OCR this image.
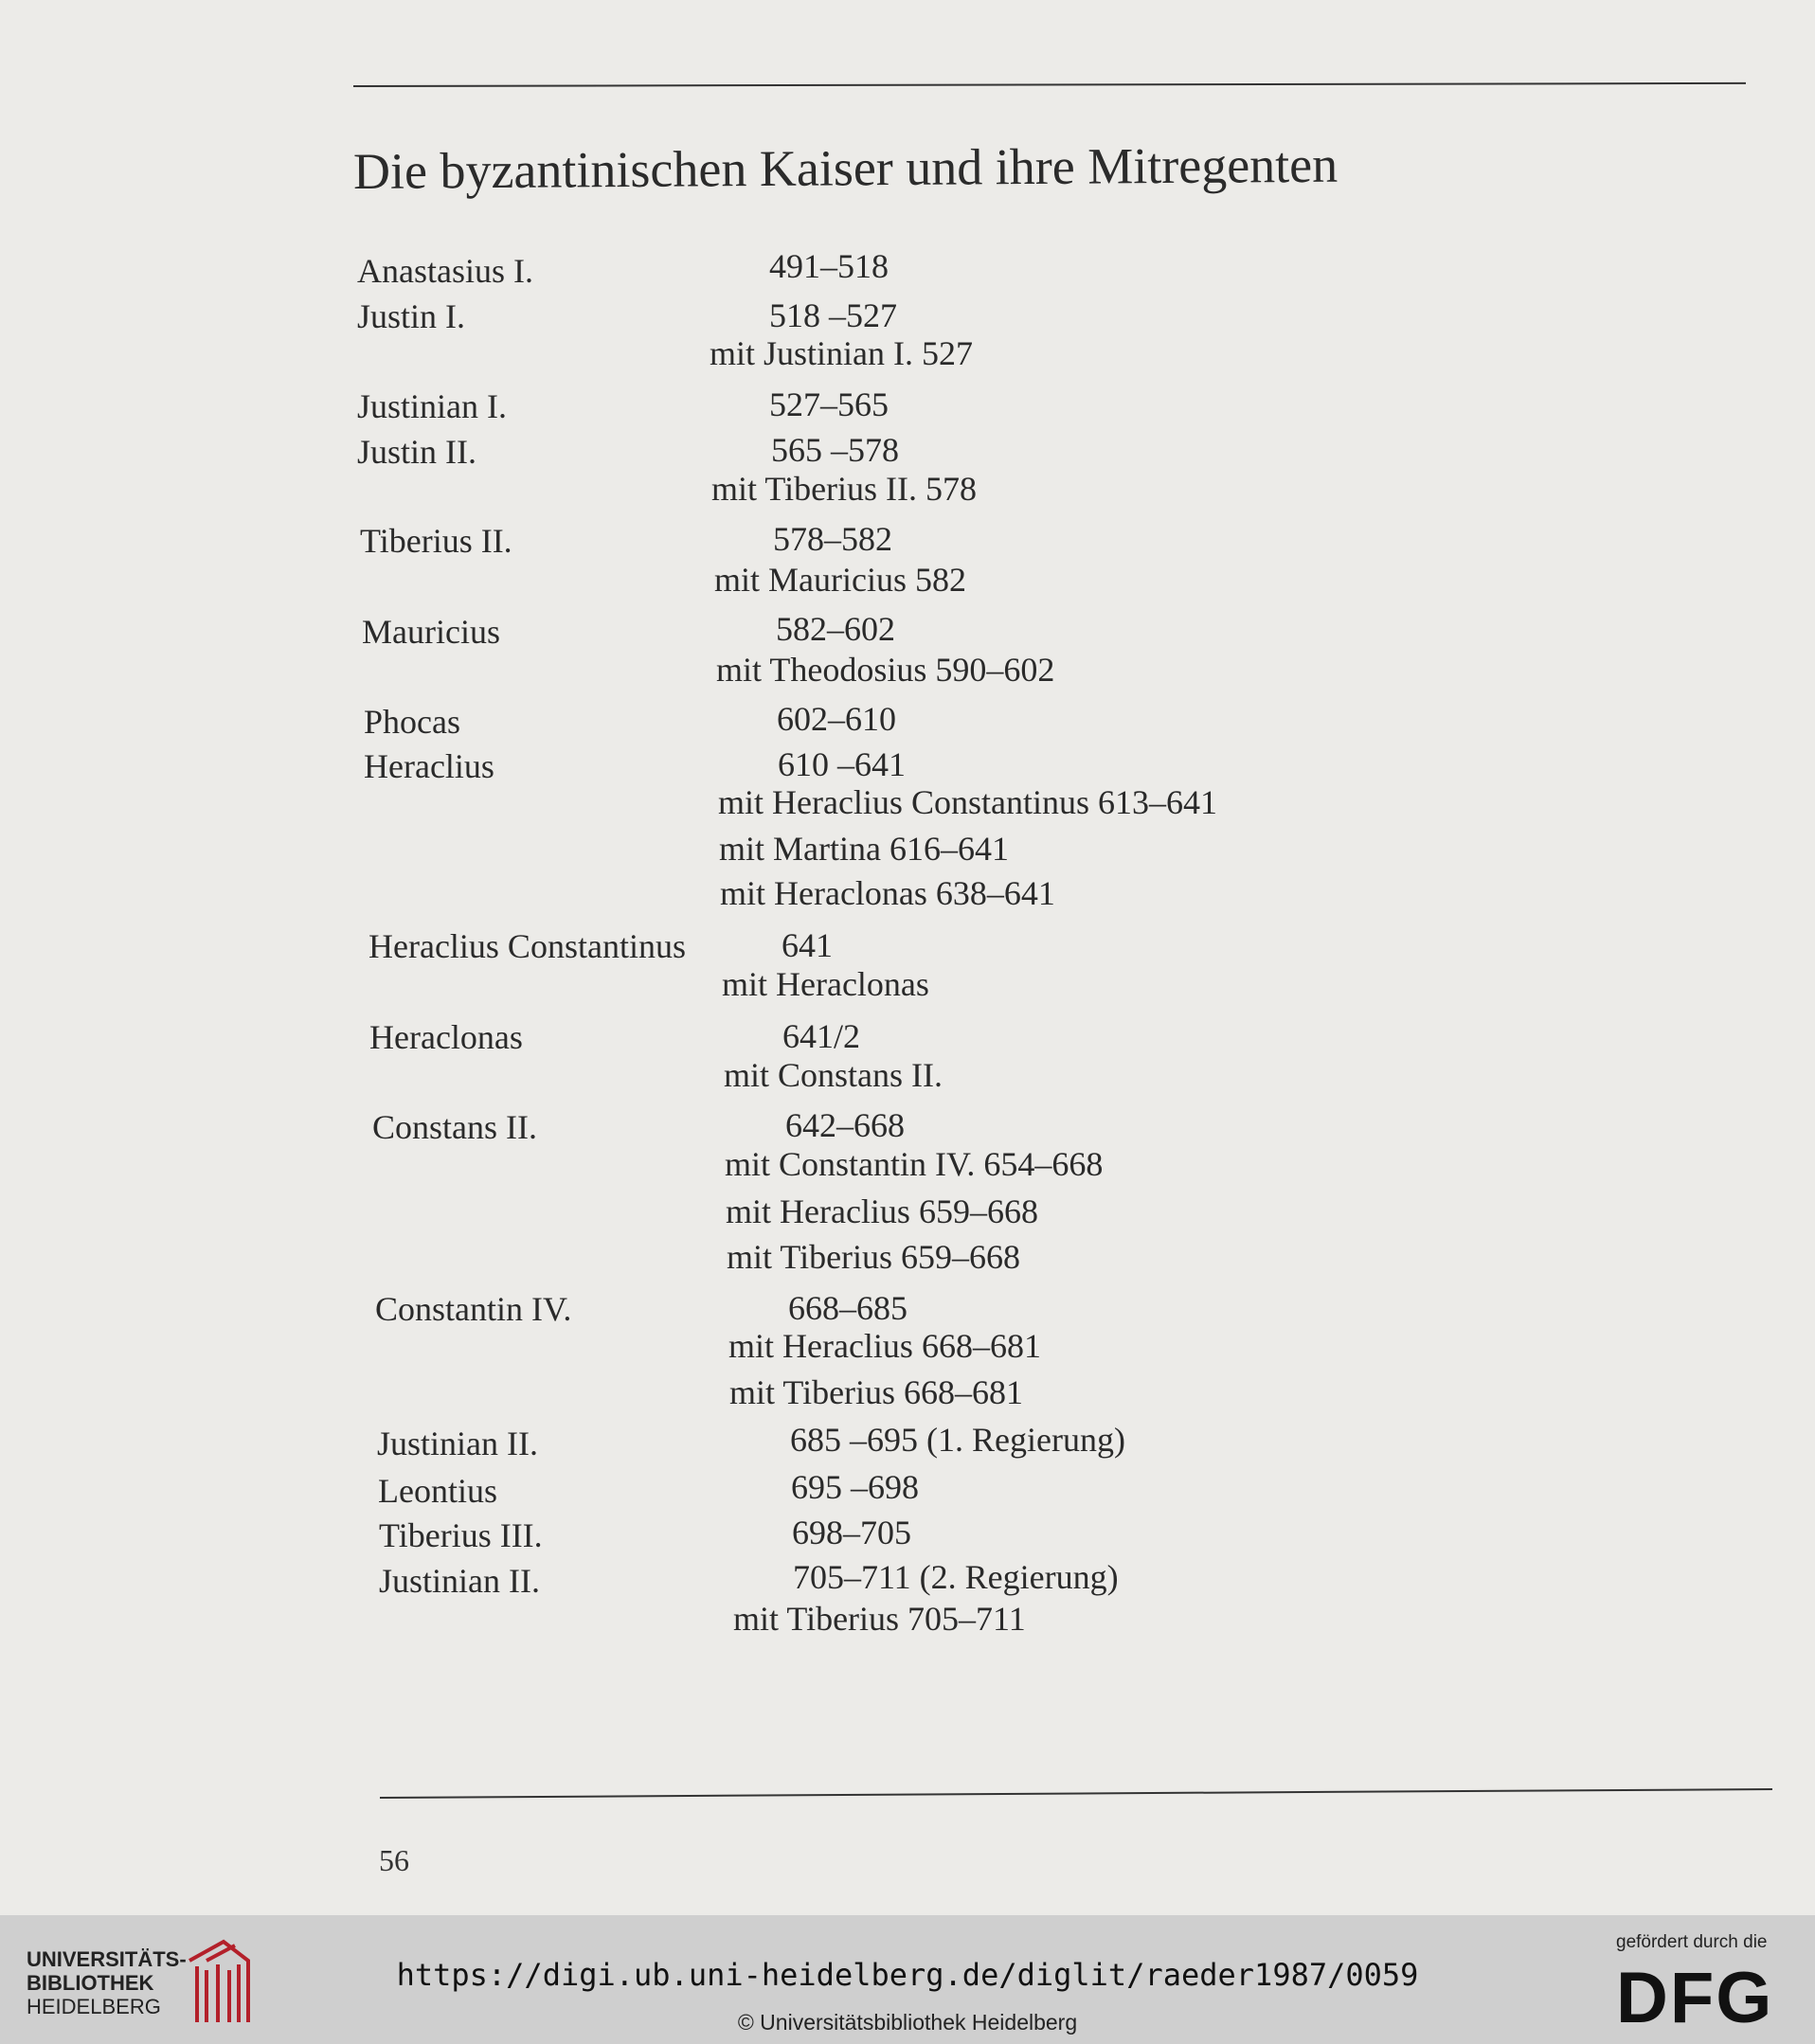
Die byzantinischen Kaiser und ihre Mitregenten
Anastasius I.	491–518
Justin I.	518 –527
mit Justinian I. 527
Justinian I.	527–565
Justin II.	565 –578
mit Tiberius II. 578
Tiberius II.	578–582
mit Mauricius 582
Mauricius	582–602
mit Theodosius 590–602
Phocas	602–610
Heraclius	610 –641
mit Heraclius Constantinus 613–641
mit Martina 616–641
mit Heraclonas 638–641
Heraclius Constantinus	641
mit Heraclonas
Heraclonas	641/2
mit Constans II.
Constans II.	642–668
mit Constantin IV. 654–668
mit Heraclius 659–668
mit Tiberius 659–668
Constantin IV.	668–685
mit Heraclius 668–681
mit Tiberius 668–681
Justinian II.	685 –695 (1. Regierung)
Leontius	695 –698
Tiberius III.	698–705
Justinian II.	705–711 (2. Regierung)
mit Tiberius 705–711
56
UNIVERSITÄTS-
BIBLIOTHEK
HEIDELBERG
https://digi.ub.uni-heidelberg.de/diglit/raeder1987/0059
© Universitätsbibliothek Heidelberg
gefördert durch die
DFG
